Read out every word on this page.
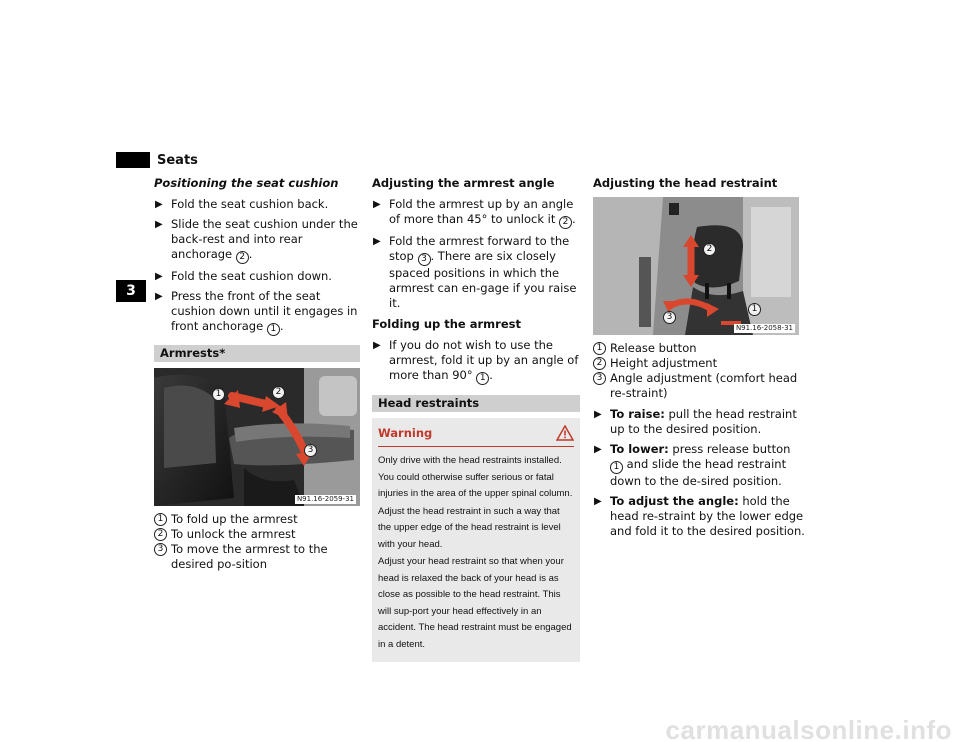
Seats
3
Positioning the seat cushion
▶ Fold the seat cushion back.
▶ Slide the seat cushion under the back-rest and into rear anchorage 2 .
▶ Fold the seat cushion down.
▶ Press the front of the seat cushion down until it engages in front anchorage 1 .
Armrests*
1	2
3
N91.16-2059-31
1 To fold up the armrest
2 To unlock the armrest
3 To move the armrest to the desired po-sition
Adjusting the armrest angle
▶ Fold the armrest up by an angle of more than 45° to unlock it 2 .
▶ Fold the armrest forward to the stop 3 . There are six closely spaced positions in which the armrest can en-gage if you raise it.
Folding up the armrest
▶ If you do not wish to use the armrest, fold it up by an angle of more than 90° 1 .
Head restraints
Warning
Only drive with the head restraints installed. You could otherwise suffer serious or fatal injuries in the area of the upper spinal column.
Adjust the head restraint in such a way that the upper edge of the head restraint is level with your head.
Adjust your head restraint so that when your head is relaxed the back of your head is as close as possible to the head restraint. This will sup-port your head effectively in an accident. The head restraint must be engaged in a detent.
Adjusting the head restraint
1
2
3
N91.16-2058-31
1 Release button
2 Height adjustment
3 Angle adjustment (comfort head re-straint)
▶ To raise: pull the head restraint up to the desired position.
▶ To lower: press release button 1 and slide the head restraint down to the de-sired position.
▶ To adjust the angle: hold the head re-straint by the lower edge and fold it to the desired position.
carmanualsonline.info
